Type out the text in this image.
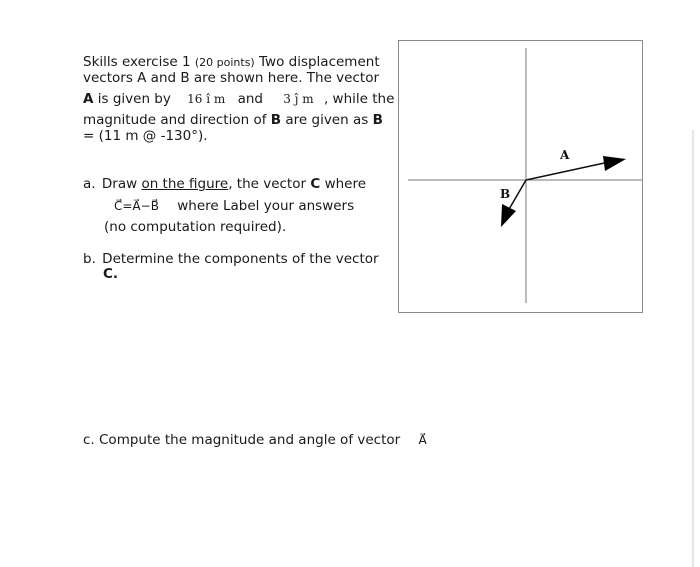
Skills exercise 1 (20 points) Two displacement
vectors A and B are shown here. The vector
A is given by 16 î m and 3 ĵ m , while the
magnitude and direction of B are given as B
= (11 m @ -130°).
a. Draw on the figure, the vector C where
C⃗=A⃗−B⃗ where Label your answers
(no computation required).
b. Determine the components of the vector
C.
c. Compute the magnitude and angle of vector A⃗
A
B
